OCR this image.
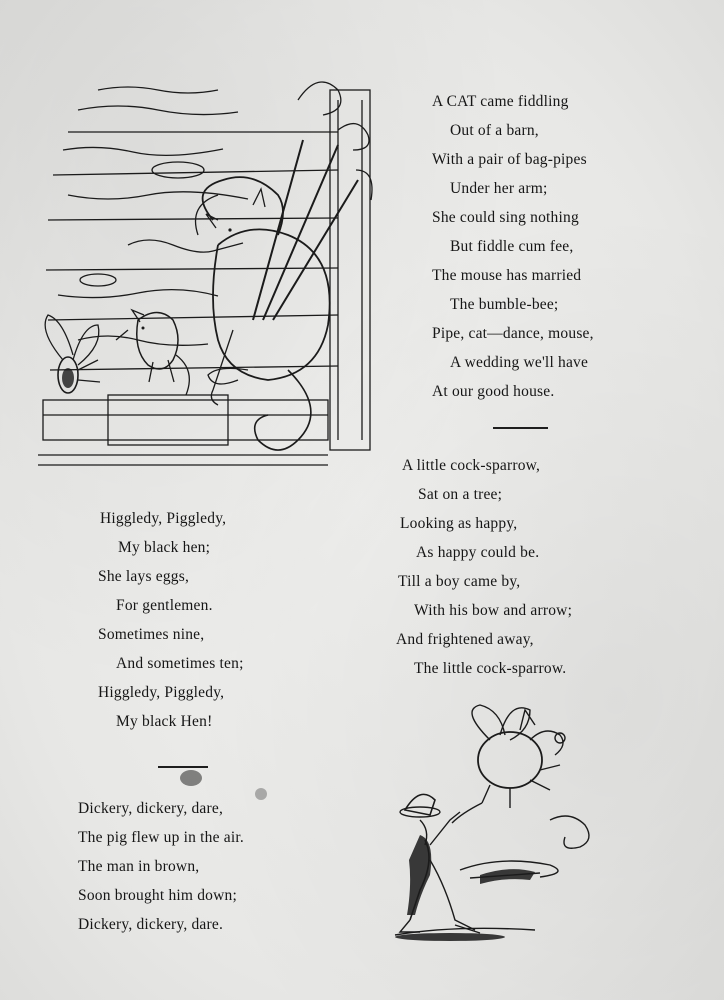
A CAT came fiddling
Out of a barn,
With a pair of bag-pipes
Under her arm;
She could sing nothing
But fiddle cum fee,
The mouse has married
The bumble-bee;
Pipe, cat—dance, mouse,
A wedding we'll have
At our good house.
A little cock-sparrow,
Sat on a tree;
Looking as happy,
As happy could be.
Till a boy came by,
With his bow and arrow;
And frightened away,
The little cock-sparrow.
Higgledy, Piggledy,
My black hen;
She lays eggs,
For gentlemen.
Sometimes nine,
And sometimes ten;
Higgledy, Piggledy,
My black Hen!
Dickery, dickery, dare,
The pig flew up in the air.
The man in brown,
Soon brought him down;
Dickery, dickery, dare.
